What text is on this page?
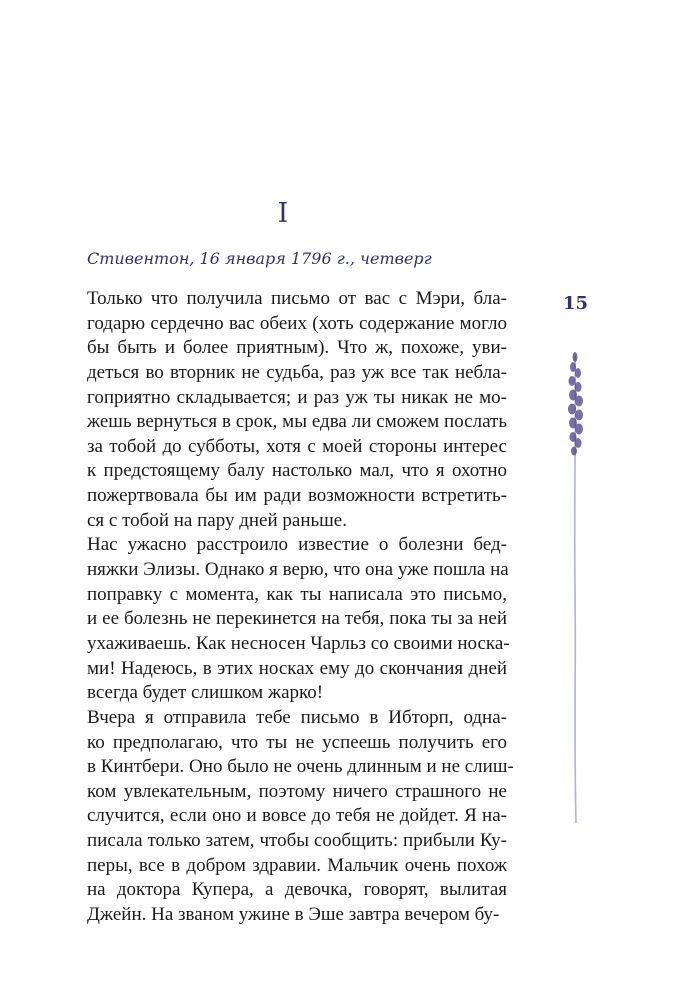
I
Стивентон, 16 января 1796 г., четверг
15
Только что получила письмо от вас с Мэри, бла-
годарю сердечно вас обеих (хоть содержание могло
бы быть и более приятным). Что ж, похоже, уви-
деться во вторник не судьба, раз уж все так небла-
гоприятно складывается; и раз уж ты никак не мо-
жешь вернуться в срок, мы едва ли сможем послать
за тобой до субботы, хотя с моей стороны интерес
к предстоящему балу настолько мал, что я охотно
пожертвовала бы им ради возможности встретить-
ся с тобой на пару дней раньше.
Нас ужасно расстроило известие о болезни бед-
няжки Элизы. Однако я верю, что она уже пошла на
поправку с момента, как ты написала это письмо,
и ее болезнь не перекинется на тебя, пока ты за ней
ухаживаешь. Как несносен Чарльз со своими носка-
ми! Надеюсь, в этих носках ему до скончания дней
всегда будет слишком жарко!
Вчера я отправила тебе письмо в Ибторп, одна-
ко предполагаю, что ты не успеешь получить его
в Кинтбери. Оно было не очень длинным и не слиш-
ком увлекательным, поэтому ничего страшного не
случится, если оно и вовсе до тебя не дойдет. Я на-
писала только затем, чтобы сообщить: прибыли Ку-
перы, все в добром здравии. Мальчик очень похож
на доктора Купера, а девочка, говорят, вылитая
Джейн. На званом ужине в Эше завтра вечером бу-
